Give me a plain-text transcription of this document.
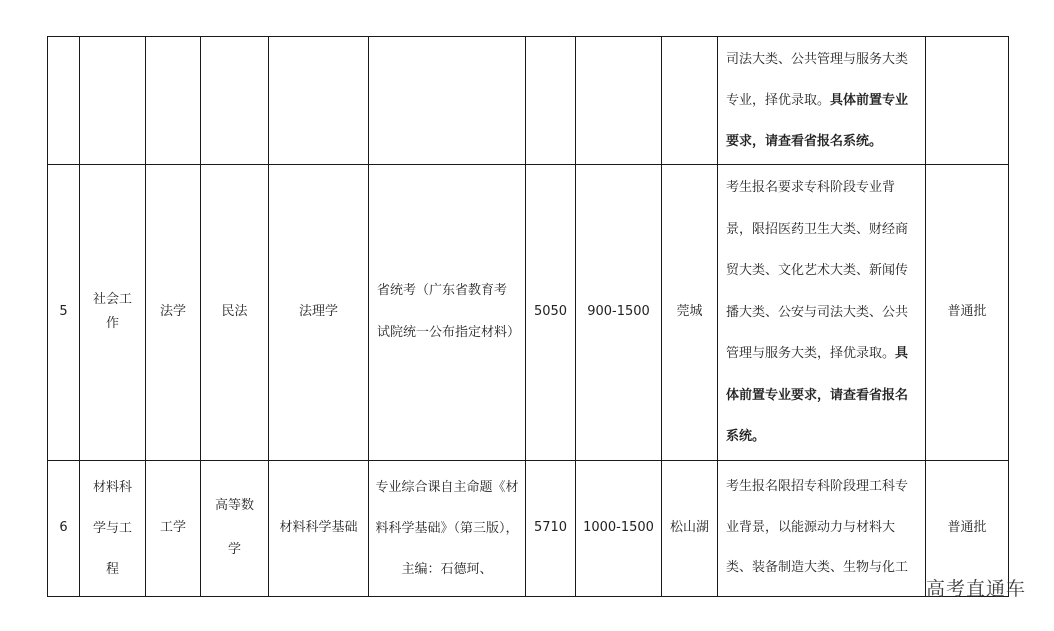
									司法大类、公共管理与服务大类专业，择优录取。具体前置专业要求，请查看省报名系统。	

5	社会工作	法学	民法	法理学	省统考（广东省教育考试院统一公布指定材料）	5050	900-1500	莞城	考生报名要求专科阶段专业背景，限招医药卫生大类、财经商贸大类、文化艺术大类、新闻传播大类、公安与司法大类、公共管理与服务大类，择优录取。具体前置专业要求，请查看省报名系统。	普通批

6	材料科学与工程	工学	高等数学	材料科学基础	专业综合课自主命题《材料科学基础》（第三版），主编：石德珂、	5710	1000-1500	松山湖	考生报名限招专科阶段理工科专业背景，以能源动力与材料大类、装备制造大类、生物与化工	普通批
高考直通车
